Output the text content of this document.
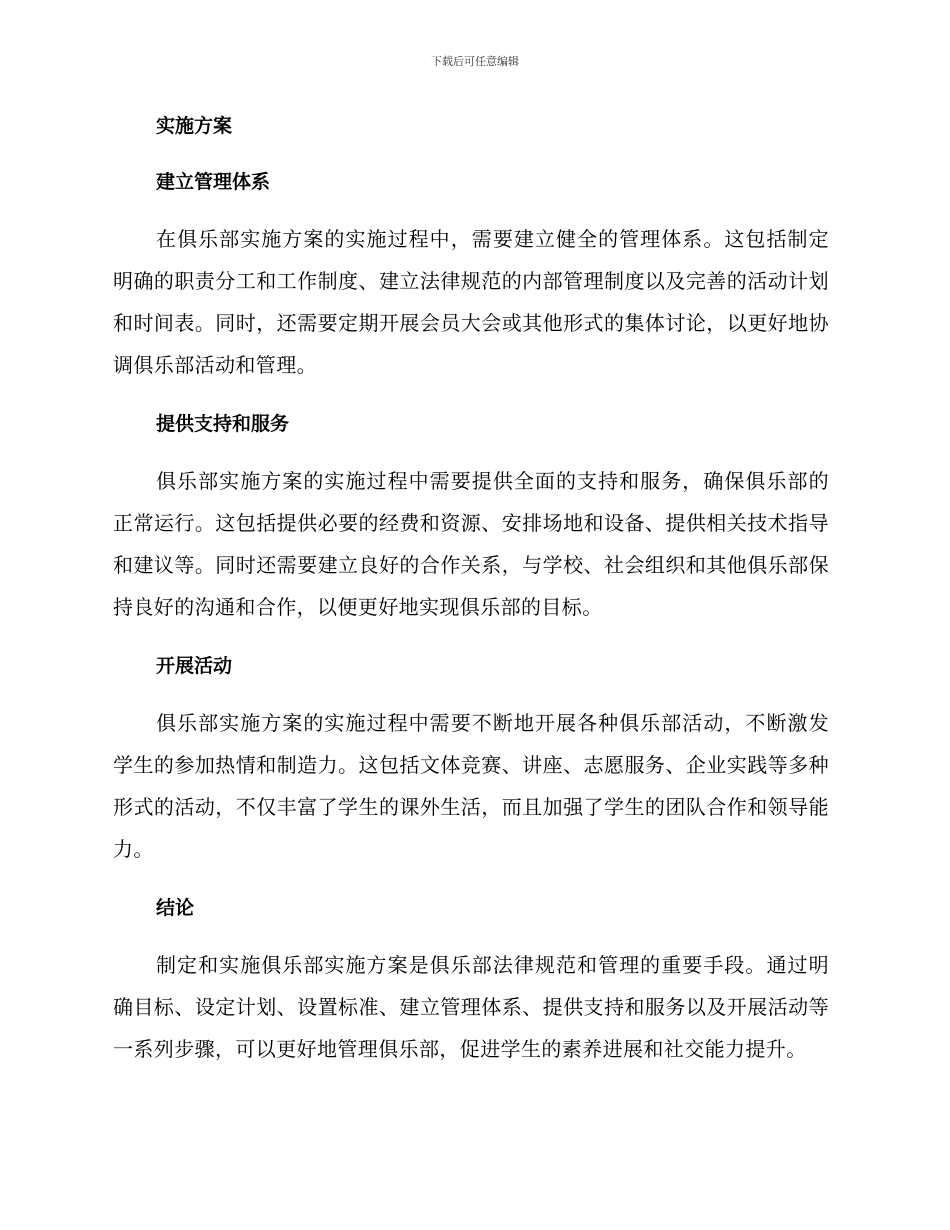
下载后可任意编辑
实施方案
建立管理体系

在俱乐部实施方案的实施过程中，需要建立健全的管理体系。这包括制定明确的职责分工和工作制度、建立法律规范的内部管理制度以及完善的活动计划和时间表。同时，还需要定期开展会员大会或其他形式的集体讨论，以更好地协调俱乐部活动和管理。

提供支持和服务

俱乐部实施方案的实施过程中需要提供全面的支持和服务，确保俱乐部的正常运行。这包括提供必要的经费和资源、安排场地和设备、提供相关技术指导和建议等。同时还需要建立良好的合作关系，与学校、社会组织和其他俱乐部保持良好的沟通和合作，以便更好地实现俱乐部的目标。

开展活动

俱乐部实施方案的实施过程中需要不断地开展各种俱乐部活动，不断激发学生的参加热情和制造力。这包括文体竞赛、讲座、志愿服务、企业实践等多种形式的活动，不仅丰富了学生的课外生活，而且加强了学生的团队合作和领导能力。

结论

制定和实施俱乐部实施方案是俱乐部法律规范和管理的重要手段。通过明确目标、设定计划、设置标准、建立管理体系、提供支持和服务以及开展活动等一系列步骤，可以更好地管理俱乐部，促进学生的素养进展和社交能力提升。
